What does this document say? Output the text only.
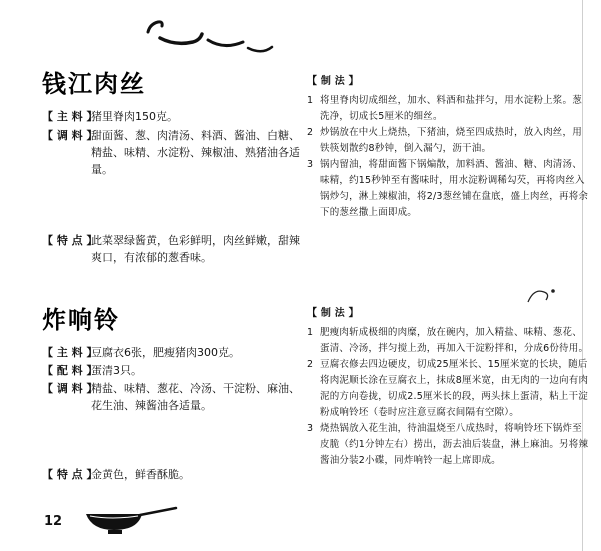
钱江肉丝
【 主 料 】
猪里脊肉150克。
【 调 料 】
甜面酱、葱、肉清汤、料酒、酱油、白糖、精盐、味精、水淀粉、辣椒油、熟猪油各适量。
【 特 点 】
此菜翠绿酱黄，色彩鲜明，肉丝鲜嫩，甜辣爽口，有浓郁的葱香味。
【 制 法 】
1 将里脊肉切成细丝，加水、料酒和盐拌匀，用水淀粉上浆。葱洗净，切成长5厘米的细丝。
2 炒锅放在中火上烧热，下猪油，烧至四成热时，放入肉丝，用铁筷划散约8秒钟，倒入漏勺，沥干油。
3 锅内留油，将甜面酱下锅煸散，加料酒、酱油、糖、肉清汤、味精，约15秒钟至有酱味时，用水淀粉调稀勾芡，再将肉丝入锅炒匀，淋上辣椒油，将2/3葱丝铺在盘底，盛上肉丝，再将余下的葱丝撒上面即成。
炸响铃
【 主 料 】
豆腐衣6张，肥瘦猪肉300克。
【 配 料 】
蛋清3只。
【 调 料 】
精盐、味精、葱花、冷汤、干淀粉、麻油、花生油、辣酱油各适量。
【 特 点 】
金黄色，鲜香酥脆。
【 制 法 】
1 肥瘦肉斩成极细的肉糜，放在碗内，加入精盐、味精、葱花、蛋清、冷汤，拌匀搅上劲，再加入干淀粉拌和，分成6份待用。
2 豆腐衣修去四边硬皮，切成25厘米长、15厘米宽的长块，随后将肉泥顺长涂在豆腐衣上，抹成8厘米宽，由无肉的一边向有肉泥的方向卷拢，切成2.5厘米长的段，两头抹上蛋清，粘上干淀粉成响铃坯（卷时应注意豆腐衣间隔有空隙）。
3 烧热锅放入花生油，待油温烧至八成热时，将响铃坯下锅炸至皮脆（约1分钟左右）捞出，沥去油后装盘，淋上麻油。另将辣酱油分装2小碟，同炸响铃一起上席即成。
12
